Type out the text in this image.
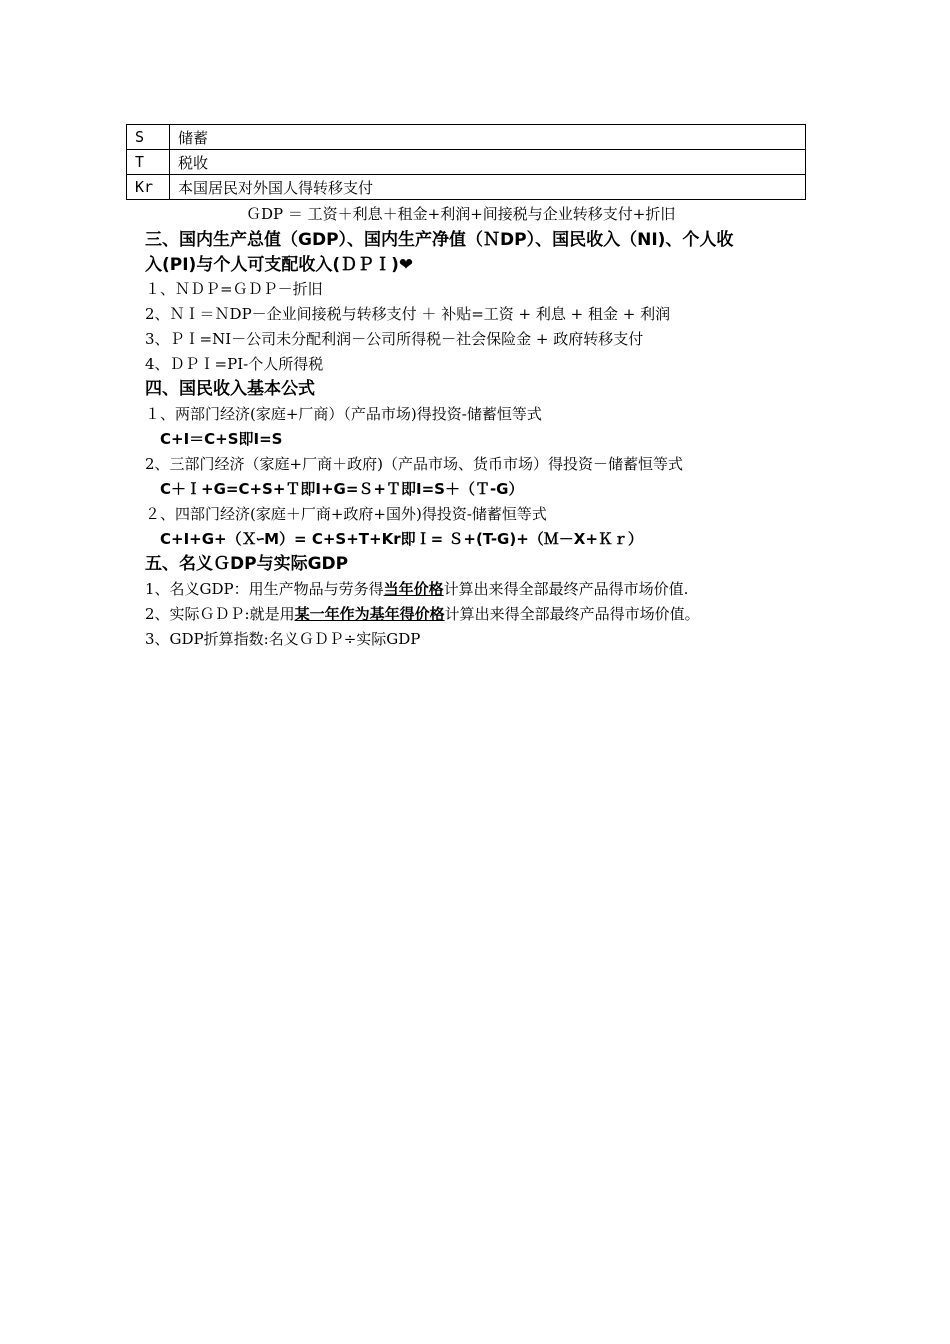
S	储蓄
T	税收
Kr	本国居民对外国人得转移支付
ＧDP ＝ 工资＋利息＋租金+利润+间接税与企业转移支付+折旧
三、国内生产总值（GDP）、国内生产净值（ＮDP）、国民收入（NI)、个人收
入(PI)与个人可支配收入(ＤＰＩ)❤
１、ＮＤＰ=ＧＤＰ－折旧
2、ＮＩ＝ＮDP－企业间接税与转移支付 ＋ 补贴=工资 + 利息 + 租金 + 利润
3、ＰＩ=NI－公司未分配利润－公司所得税－社会保险金 + 政府转移支付
4、ＤＰＩ=PI-个人所得税
四、国民收入基本公式
１、两部门经济(家庭+厂商）（产品市场)得投资-储蓄恒等式
C+I＝C+S即I=S
2、三部门经济（家庭+厂商＋政府)（产品市场、货币市场）得投资－储蓄恒等式
C＋Ｉ+G=C+S+Ｔ即I+G=Ｓ+Ｔ即I=S＋（Ｔ-G）
２、四部门经济(家庭＋厂商+政府+国外)得投资-储蓄恒等式
C+I+G+（ＸｰM）= C+S+T+Kr即Ｉ= Ｓ+(T-G)+（Ｍ－X+Ｋｒ）
五、名义ＧDP与实际GDP
1、名义GDP：用生产物品与劳务得当年价格计算出来得全部最终产品得市场价值.
2、实际ＧＤＰ:就是用某一年作为基年得价格计算出来得全部最终产品得市场价值。
3、GDP折算指数:名义ＧＤＰ÷实际GDP
